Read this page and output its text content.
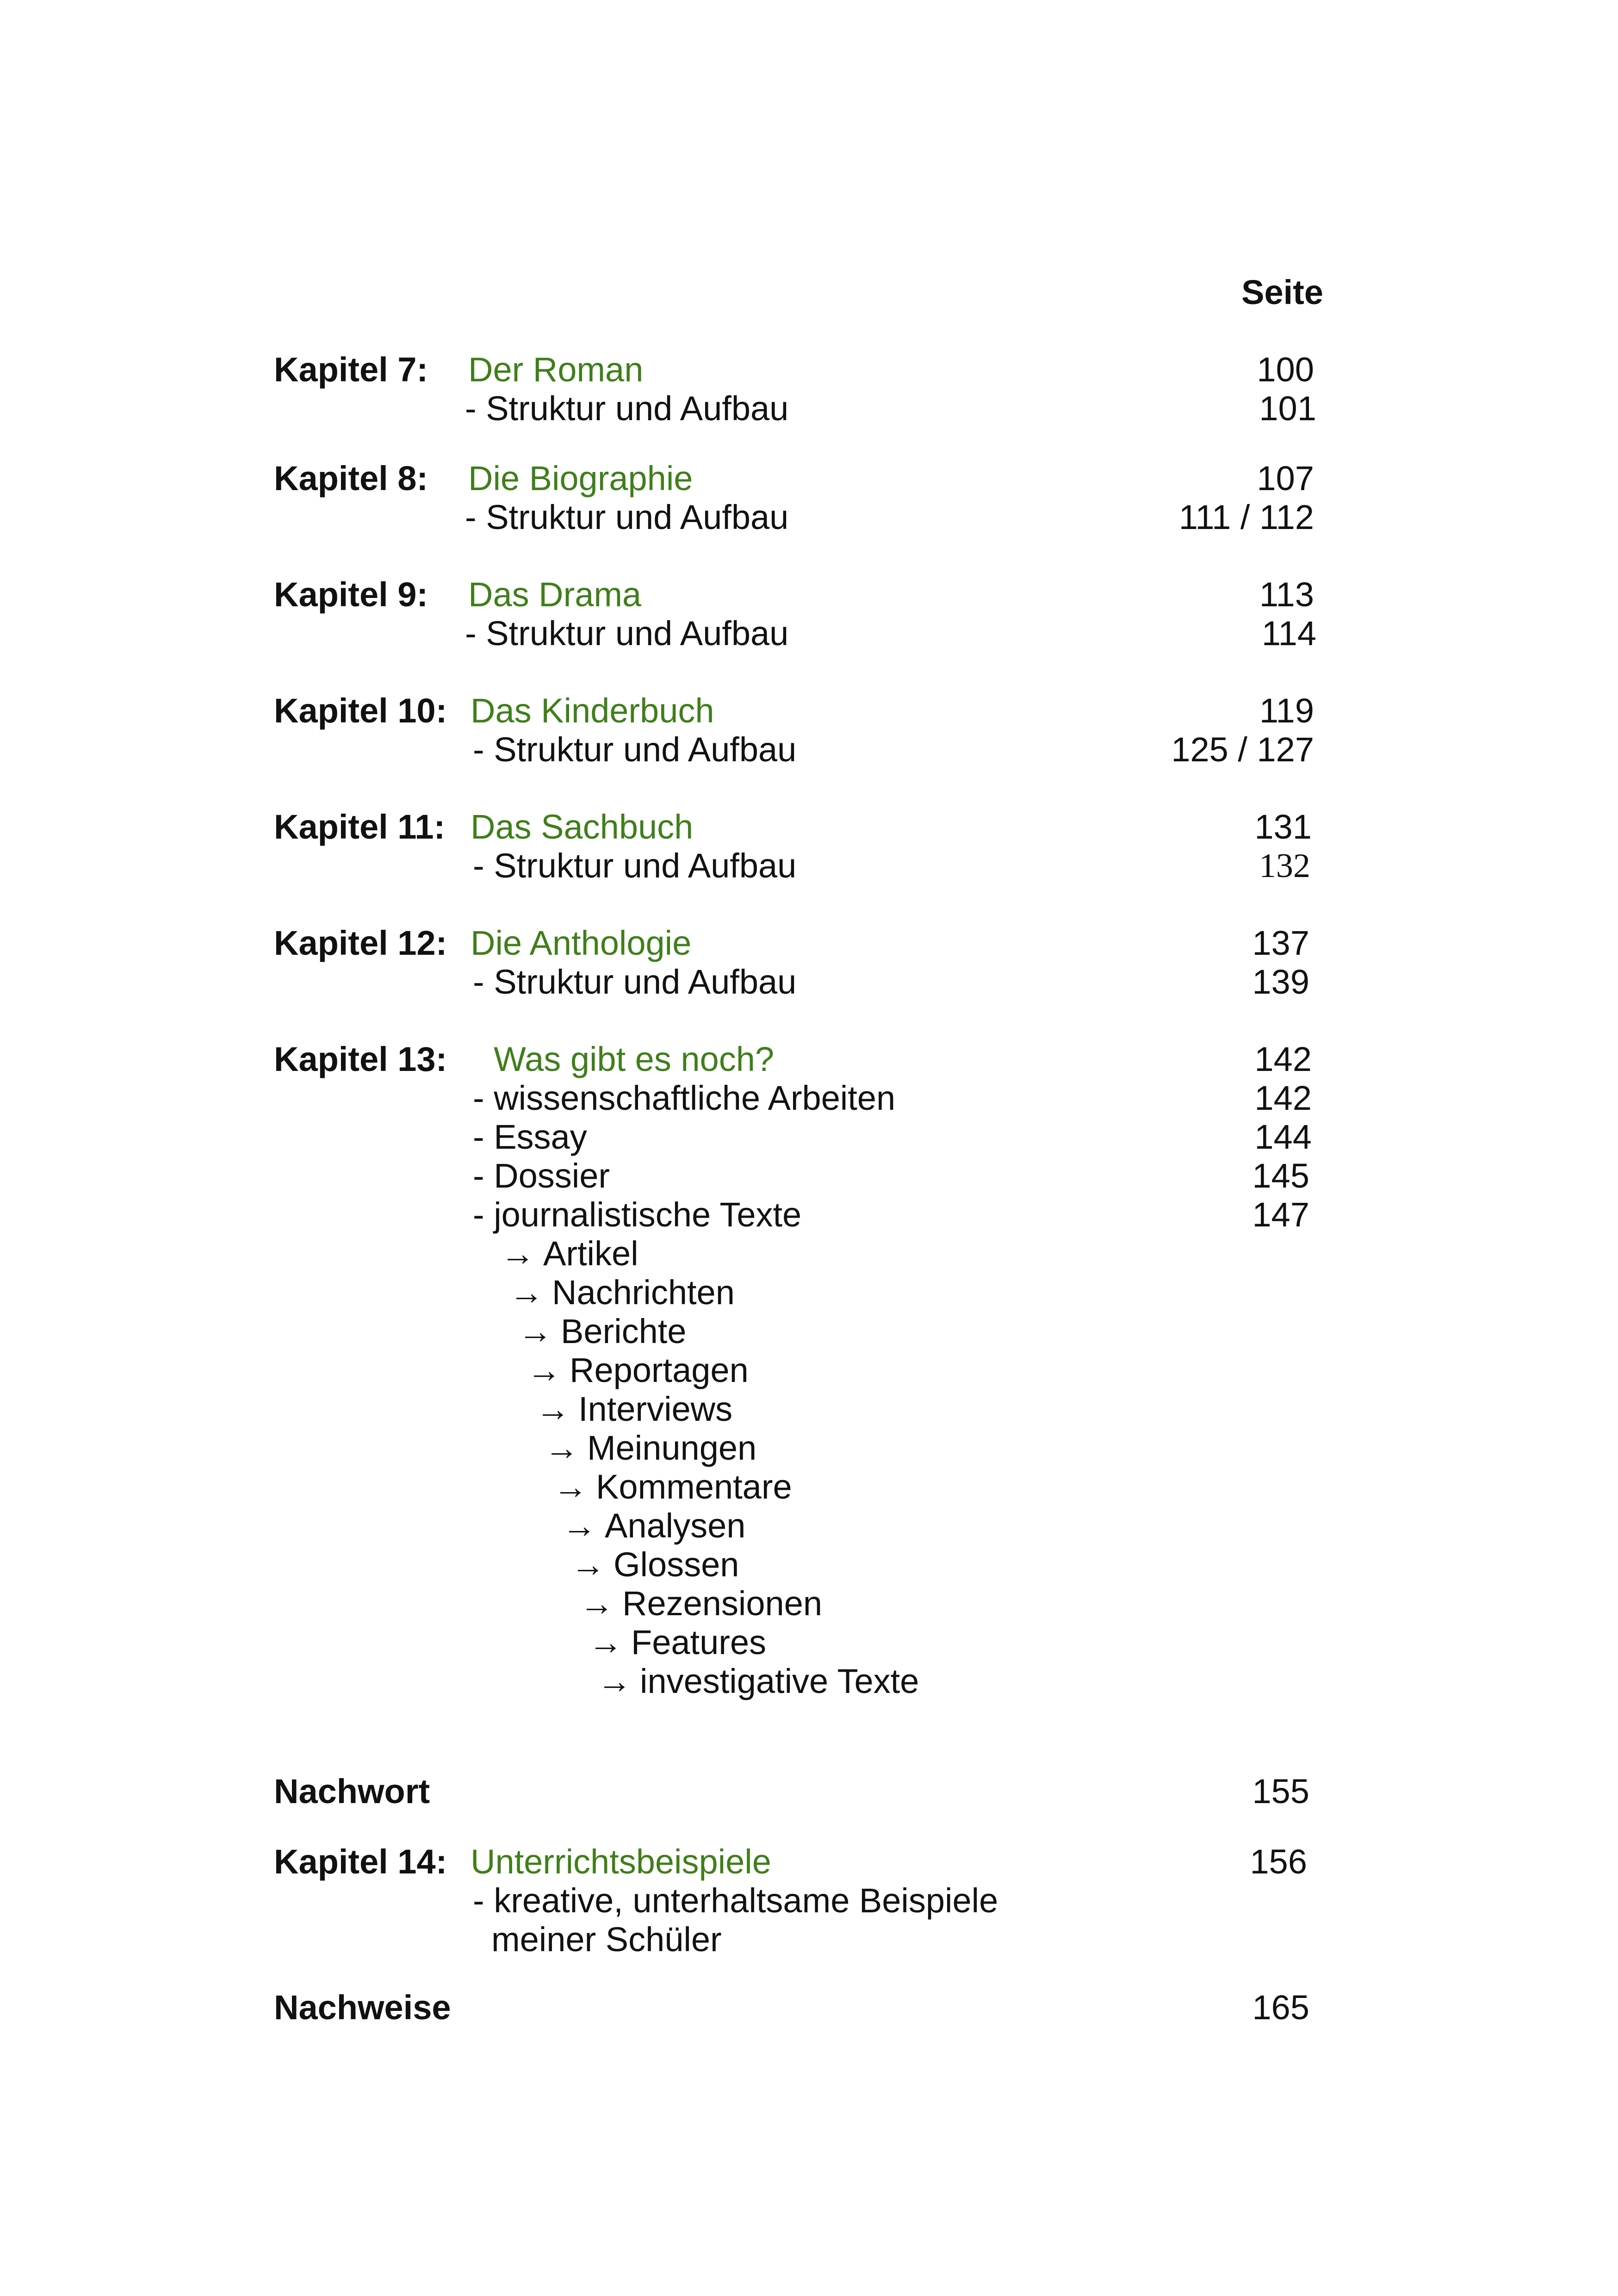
Seite
Kapitel 7: Der Roman	100
- Struktur und Aufbau	101
Kapitel 8: Die Biographie	107
- Struktur und Aufbau	111 / 112
Kapitel 9: Das Drama	113
- Struktur und Aufbau	114
Kapitel 10: Das Kinderbuch	119
- Struktur und Aufbau	125 / 127
Kapitel 11: Das Sachbuch	131
- Struktur und Aufbau	132
Kapitel 12: Die Anthologie	137
- Struktur und Aufbau	139
Kapitel 13: Was gibt es noch?	142
- wissenschaftliche Arbeiten	142
- Essay	144
- Dossier	145
- journalistische Texte	147
→ Artikel
→ Nachrichten
→ Berichte
→ Reportagen
→ Interviews
→ Meinungen
→ Kommentare
→ Analysen
→ Glossen
→ Rezensionen
→ Features
→ investigative Texte
Nachwort	155
Kapitel 14: Unterrichtsbeispiele	156
- kreative, unterhaltsame Beispiele
meiner Schüler
Nachweise	165
